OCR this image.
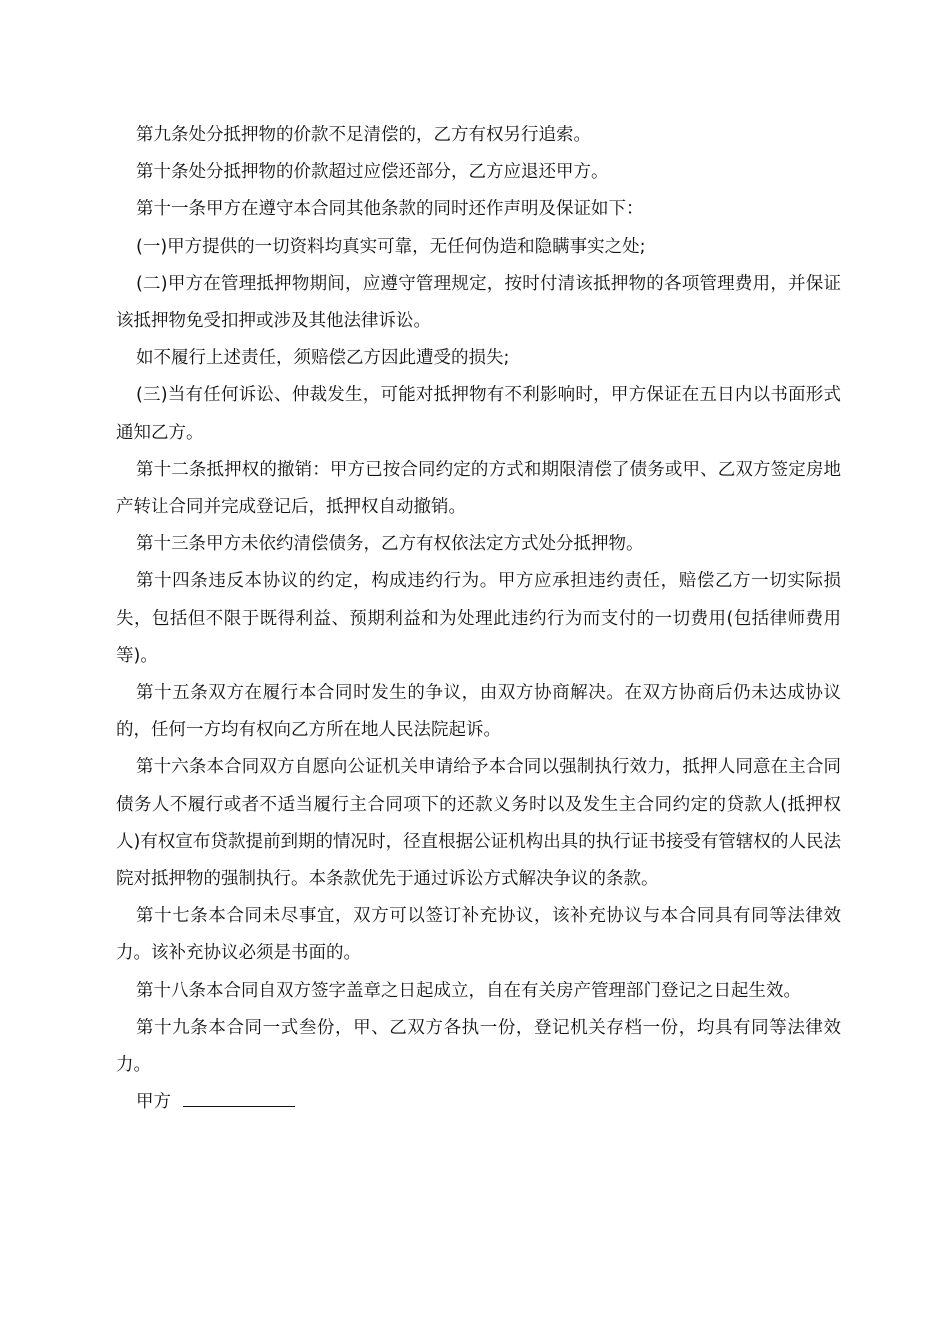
第九条处分抵押物的价款不足清偿的，乙方有权另行追索。

第十条处分抵押物的价款超过应偿还部分，乙方应退还甲方。

第十一条甲方在遵守本合同其他条款的同时还作声明及保证如下：

(一)甲方提供的一切资料均真实可靠，无任何伪造和隐瞒事实之处;

(二)甲方在管理抵押物期间，应遵守管理规定，按时付清该抵押物的各项管理费用，并保证该抵押物免受扣押或涉及其他法律诉讼。

如不履行上述责任，须赔偿乙方因此遭受的损失;

(三)当有任何诉讼、仲裁发生，可能对抵押物有不利影响时，甲方保证在五日内以书面形式通知乙方。

第十二条抵押权的撤销：甲方已按合同约定的方式和期限清偿了债务或甲、乙双方签定房地产转让合同并完成登记后，抵押权自动撤销。

第十三条甲方未依约清偿债务，乙方有权依法定方式处分抵押物。

第十四条违反本协议的约定，构成违约行为。甲方应承担违约责任，赔偿乙方一切实际损失，包括但不限于既得利益、预期利益和为处理此违约行为而支付的一切费用(包括律师费用等)。

第十五条双方在履行本合同时发生的争议，由双方协商解决。在双方协商后仍未达成协议的，任何一方均有权向乙方所在地人民法院起诉。

第十六条本合同双方自愿向公证机关申请给予本合同以强制执行效力，抵押人同意在主合同债务人不履行或者不适当履行主合同项下的还款义务时以及发生主合同约定的贷款人(抵押权人)有权宣布贷款提前到期的情况时，径直根据公证机构出具的执行证书接受有管辖权的人民法院对抵押物的强制执行。本条款优先于通过诉讼方式解决争议的条款。

第十七条本合同未尽事宜，双方可以签订补充协议，该补充协议与本合同具有同等法律效力。该补充协议必须是书面的。

第十八条本合同自双方签字盖章之日起成立，自在有关房产管理部门登记之日起生效。

第十九条本合同一式叁份，甲、乙双方各执一份，登记机关存档一份，均具有同等法律效力。

甲方
